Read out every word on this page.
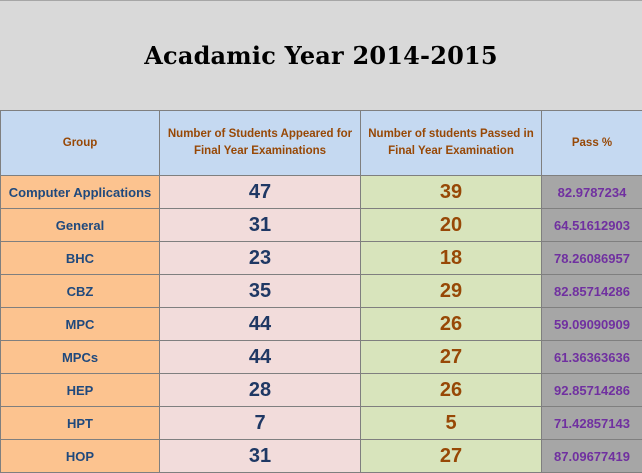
Acadamic Year 2014-2015
Group	Number of Students Appeared for Final Year Examinations	Number of students Passed in Final Year Examination	Pass %
Computer Applications	47	39	82.9787234
General	31	20	64.51612903
BHC	23	18	78.26086957
CBZ	35	29	82.85714286
MPC	44	26	59.09090909
MPCs	44	27	61.36363636
HEP	28	26	92.85714286
HPT	7	5	71.42857143
HOP	31	27	87.09677419
